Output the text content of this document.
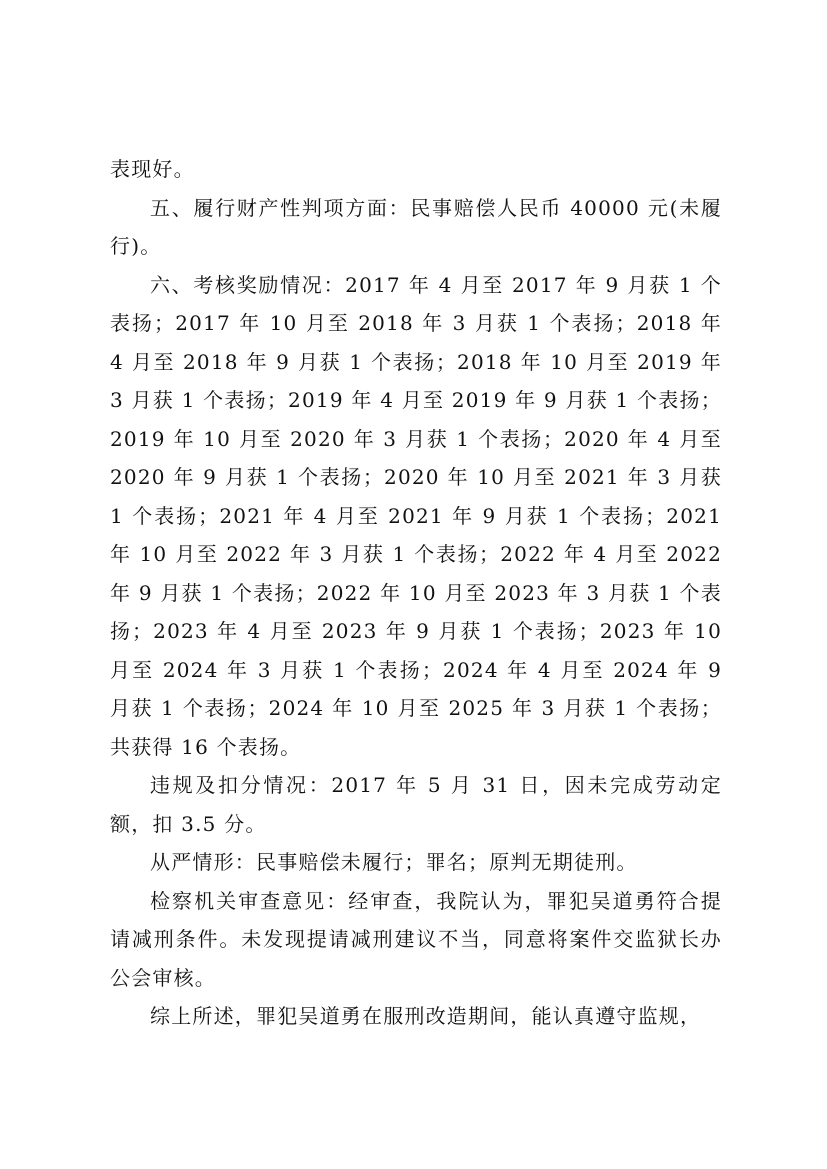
表现好。

五、履行财产性判项方面：民事赔偿人民币 40000 元(未履行)。

六、考核奖励情况：2017 年 4 月至 2017 年 9 月获 1 个表扬；2017 年 10 月至 2018 年 3 月获 1 个表扬；2018 年 4 月至 2018 年 9 月获 1 个表扬；2018 年 10 月至 2019 年 3 月获 1 个表扬；2019 年 4 月至 2019 年 9 月获 1 个表扬；2019 年 10 月至 2020 年 3 月获 1 个表扬；2020 年 4 月至 2020 年 9 月获 1 个表扬；2020 年 10 月至 2021 年 3 月获 1 个表扬；2021 年 4 月至 2021 年 9 月获 1 个表扬；2021 年 10 月至 2022 年 3 月获 1 个表扬；2022 年 4 月至 2022 年 9 月获 1 个表扬；2022 年 10 月至 2023 年 3 月获 1 个表扬；2023 年 4 月至 2023 年 9 月获 1 个表扬；2023 年 10 月至 2024 年 3 月获 1 个表扬；2024 年 4 月至 2024 年 9 月获 1 个表扬；2024 年 10 月至 2025 年 3 月获 1 个表扬；共获得 16 个表扬。

违规及扣分情况：2017 年 5 月 31 日，因未完成劳动定额，扣 3.5 分。

从严情形：民事赔偿未履行；罪名；原判无期徒刑。

检察机关审查意见：经审查，我院认为，罪犯吴道勇符合提请减刑条件。未发现提请减刑建议不当，同意将案件交监狱长办公会审核。

综上所述，罪犯吴道勇在服刑改造期间，能认真遵守监规，
